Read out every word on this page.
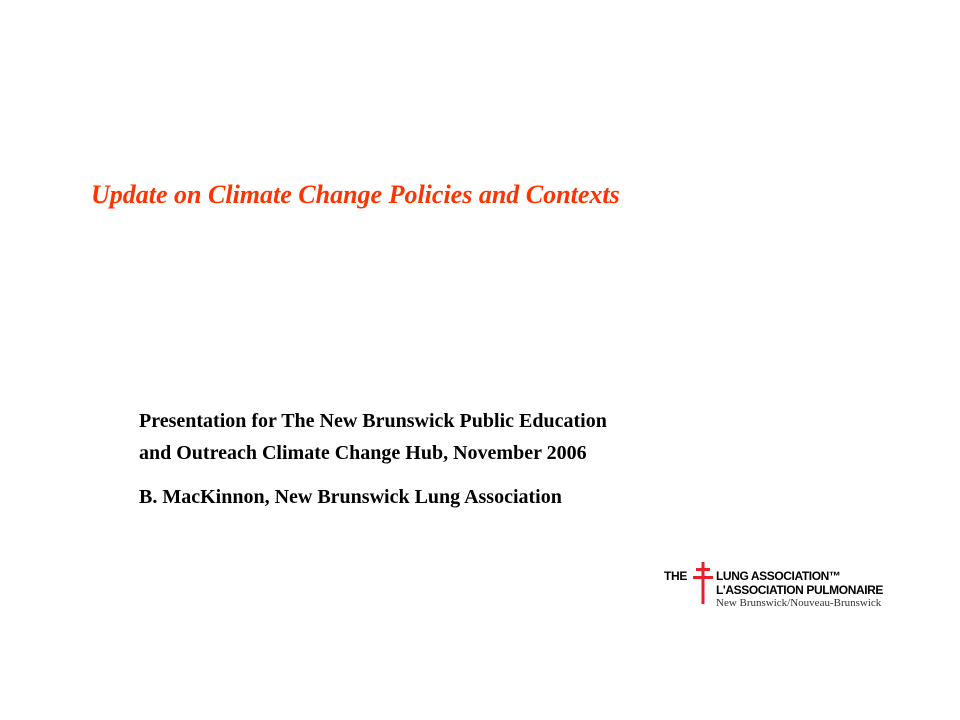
Update on Climate Change Policies and Contexts
Presentation for The New Brunswick Public Education
and Outreach Climate Change Hub, November 2006
B. MacKinnon, New Brunswick Lung Association
THE LUNG ASSOCIATION™
L'ASSOCIATION PULMONAIRE
New Brunswick/Nouveau-Brunswick
